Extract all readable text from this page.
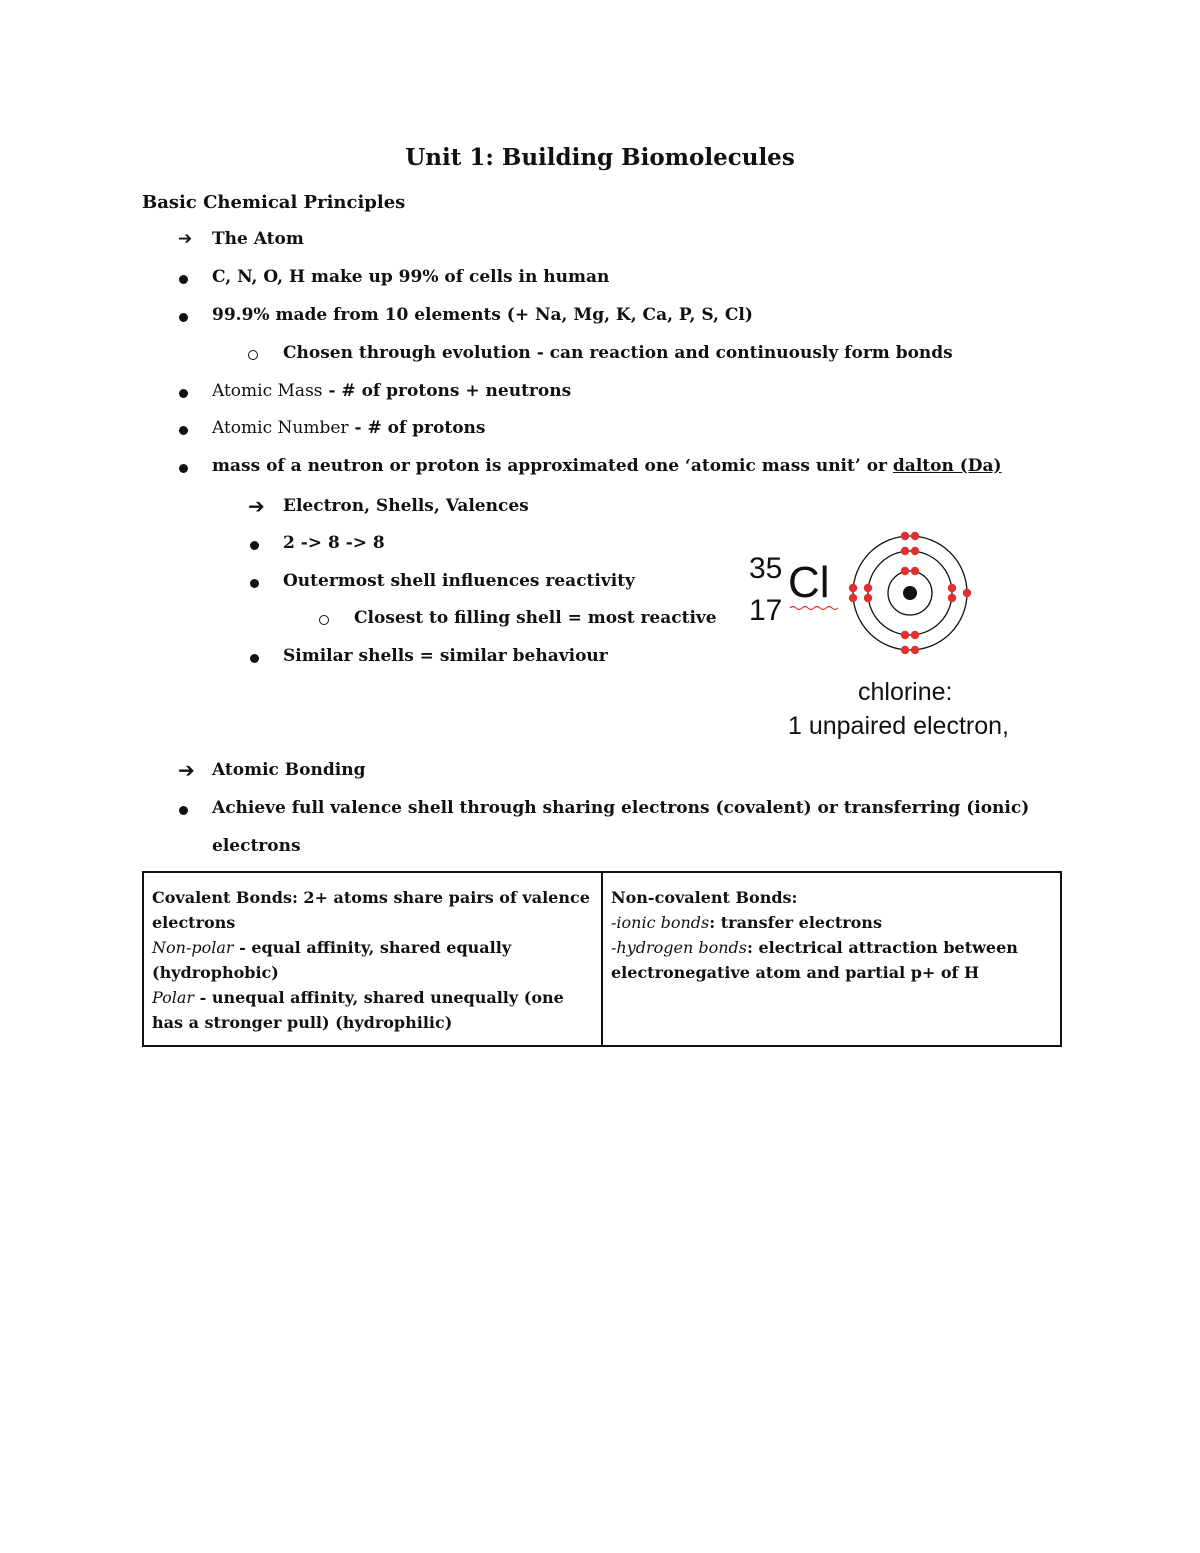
Unit 1: Building Biomolecules
Basic Chemical Principles
➔ The Atom
C, N, O, H make up 99% of cells in human
99.9% made from 10 elements (+ Na, Mg, K, Ca, P, S, Cl)
Chosen through evolution - can reaction and continuously form bonds
Atomic Mass - # of protons + neutrons
Atomic Number - # of protons
mass of a neutron or proton is approximated one ‘atomic mass unit’ or dalton (Da)
➔ Electron, Shells, Valences
2 -> 8 -> 8
Outermost shell influences reactivity
Closest to filling shell = most reactive
Similar shells = similar behaviour
35
17
Cl
chlorine:
1 unpaired electron,
➔ Atomic Bonding
Achieve full valence shell through sharing electrons (covalent) or transferring (ionic)
electrons
Covalent Bonds: 2+ atoms share pairs of valence electrons
Non-polar - equal affinity, shared equally (hydrophobic)
Polar - unequal affinity, shared unequally (one has a stronger pull) (hydrophilic)	Non-covalent Bonds:
-ionic bonds: transfer electrons
-hydrogen bonds: electrical attraction between electronegative atom and partial p+ of H
